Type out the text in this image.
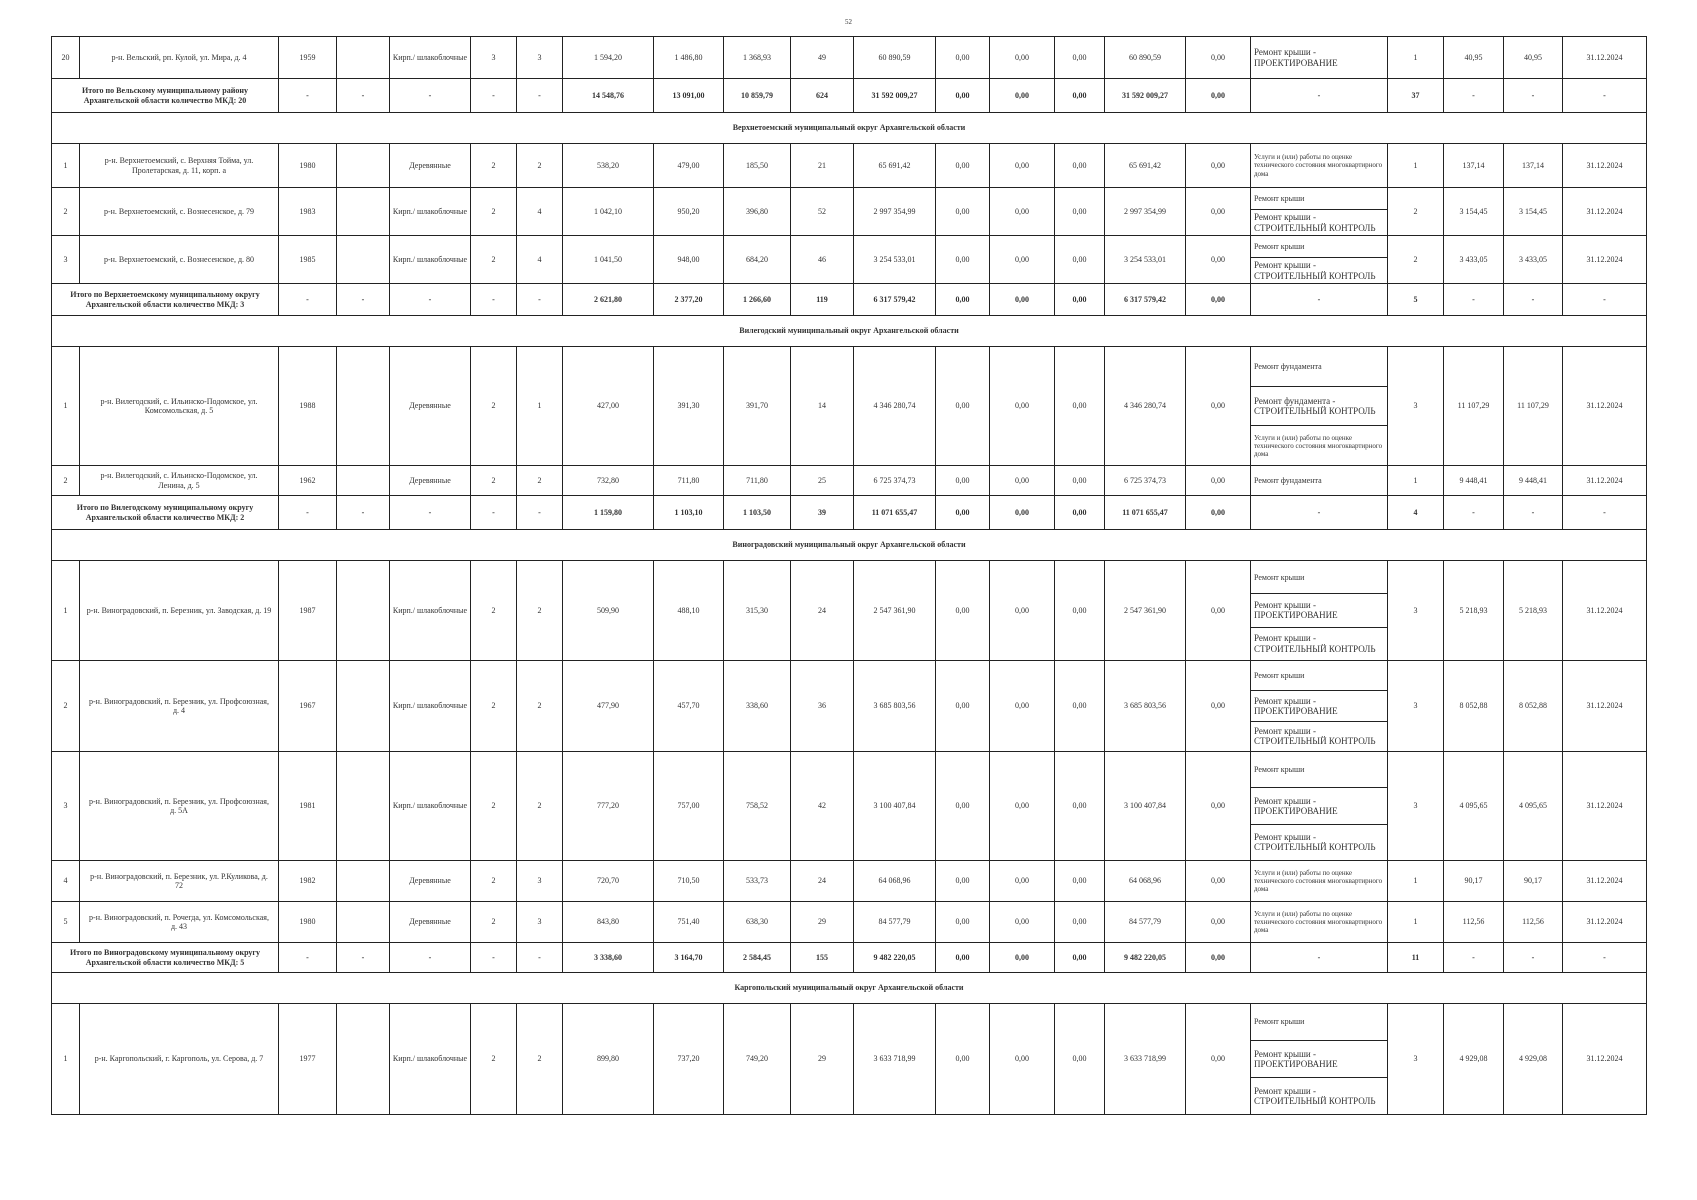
52
20	р-н. Вельский, рп. Кулой, ул. Мира, д. 4	1959		Кирп./ шлакоблочные	3	3	1 594,20	1 486,80	1 368,93	49	60 890,59	0,00	0,00	0,00	60 890,59	0,00	Ремонт крыши - ПРОЕКТИРОВАНИЕ	1	40,95	40,95	31.12.2024
Итого по Вельскому муниципальному району Архангельской области количество МКД: 20		-	-	-	-	-	14 548,76	13 091,00	10 859,79	624	31 592 009,27	0,00	0,00	0,00	31 592 009,27	0,00	-	37	-	-	-
Верхнетоемский муниципальный округ Архангельской области																					
1	р-н. Верхнетоемский, с. Верхняя Тойма, ул. Пролетарская, д. 11, корп. а	1980		Деревянные	2	2	538,20	479,00	185,50	21	65 691,42	0,00	0,00	0,00	65 691,42	0,00	Услуги и (или) работы по оценке технического состояния многоквартирного дома	1	137,14	137,14	31.12.2024
2	р-н. Верхнетоемский, с. Вознесенское, д. 79	1983		Кирп./ шлакоблочные	2	4	1 042,10	950,20	396,80	52	2 997 354,99	0,00	0,00	0,00	2 997 354,99	0,00	Ремонт крыши
Ремонт крыши - СТРОИТЕЛЬНЫЙ КОНТРОЛЬ	2	3 154,45	3 154,45	31.12.2024
3	р-н. Верхнетоемский, с. Вознесенское, д. 80	1985		Кирп./ шлакоблочные	2	4	1 041,50	948,00	684,20	46	3 254 533,01	0,00	0,00	0,00	3 254 533,01	0,00	Ремонт крыши
Ремонт крыши - СТРОИТЕЛЬНЫЙ КОНТРОЛЬ	2	3 433,05	3 433,05	31.12.2024
Итого по Верхнетоемскому муниципальному округу Архангельской области количество МКД: 3		-	-	-	-	-	2 621,80	2 377,20	1 266,60	119	6 317 579,42	0,00	0,00	0,00	6 317 579,42	0,00	-	5	-	-	-
Вилегодский муниципальный округ Архангельской области																					
1	р-н. Вилегодский, с. Ильинско-Подомское, ул. Комсомольская, д. 5	1988		Деревянные	2	1	427,00	391,30	391,70	14	4 346 280,74	0,00	0,00	0,00	4 346 280,74	0,00	Ремонт фундамента
Ремонт фундамента - СТРОИТЕЛЬНЫЙ КОНТРОЛЬ
Услуги и (или) работы по оценке технического состояния многоквартирного дома	3	11 107,29	11 107,29	31.12.2024
2	р-н. Вилегодский, с. Ильинско-Подомское, ул. Ленина, д. 5	1962		Деревянные	2	2	732,80	711,80	711,80	25	6 725 374,73	0,00	0,00	0,00	6 725 374,73	0,00	Ремонт фундамента	1	9 448,41	9 448,41	31.12.2024
Итого по Вилегодскому муниципальному округу Архангельской области количество МКД: 2		-	-	-	-	-	1 159,80	1 103,10	1 103,50	39	11 071 655,47	0,00	0,00	0,00	11 071 655,47	0,00	-	4	-	-	-
Виноградовский муниципальный округ Архангельской области																					
1	р-н. Виноградовский, п. Березник, ул. Заводская, д. 19	1987		Кирп./ шлакоблочные	2	2	509,90	488,10	315,30	24	2 547 361,90	0,00	0,00	0,00	2 547 361,90	0,00	Ремонт крыши
Ремонт крыши - ПРОЕКТИРОВАНИЕ
Ремонт крыши - СТРОИТЕЛЬНЫЙ КОНТРОЛЬ	3	5 218,93	5 218,93	31.12.2024
2	р-н. Виноградовский, п. Березник, ул. Профсоюзная, д. 4	1967		Кирп./ шлакоблочные	2	2	477,90	457,70	338,60	36	3 685 803,56	0,00	0,00	0,00	3 685 803,56	0,00	Ремонт крыши
Ремонт крыши - ПРОЕКТИРОВАНИЕ
Ремонт крыши - СТРОИТЕЛЬНЫЙ КОНТРОЛЬ	3	8 052,88	8 052,88	31.12.2024
3	р-н. Виноградовский, п. Березник, ул. Профсоюзная, д. 5А	1981		Кирп./ шлакоблочные	2	2	777,20	757,00	758,52	42	3 100 407,84	0,00	0,00	0,00	3 100 407,84	0,00	Ремонт крыши
Ремонт крыши - ПРОЕКТИРОВАНИЕ
Ремонт крыши - СТРОИТЕЛЬНЫЙ КОНТРОЛЬ	3	4 095,65	4 095,65	31.12.2024
4	р-н. Виноградовский, п. Березник, ул. Р.Куликова, д. 72	1982		Деревянные	2	3	720,70	710,50	533,73	24	64 068,96	0,00	0,00	0,00	64 068,96	0,00	Услуги и (или) работы по оценке технического состояния многоквартирного дома	1	90,17	90,17	31.12.2024
5	р-н. Виноградовский, п. Рочегда, ул. Комсомольская, д. 43	1980		Деревянные	2	3	843,80	751,40	638,30	29	84 577,79	0,00	0,00	0,00	84 577,79	0,00	Услуги и (или) работы по оценке технического состояния многоквартирного дома	1	112,56	112,56	31.12.2024
Итого по Виноградовскому муниципальному округу Архангельской области количество МКД: 5		-	-	-	-	-	3 338,60	3 164,70	2 584,45	155	9 482 220,05	0,00	0,00	0,00	9 482 220,05	0,00	-	11	-	-	-
Каргопольский муниципальный округ Архангельской области																					
1	р-н. Каргопольский, г. Каргополь, ул. Серова, д. 7	1977		Кирп./ шлакоблочные	2	2	899,80	737,20	749,20	29	3 633 718,99	0,00	0,00	0,00	3 633 718,99	0,00	Ремонт крыши
Ремонт крыши - ПРОЕКТИРОВАНИЕ
Ремонт крыши - СТРОИТЕЛЬНЫЙ КОНТРОЛЬ	3	4 929,08	4 929,08	31.12.2024
